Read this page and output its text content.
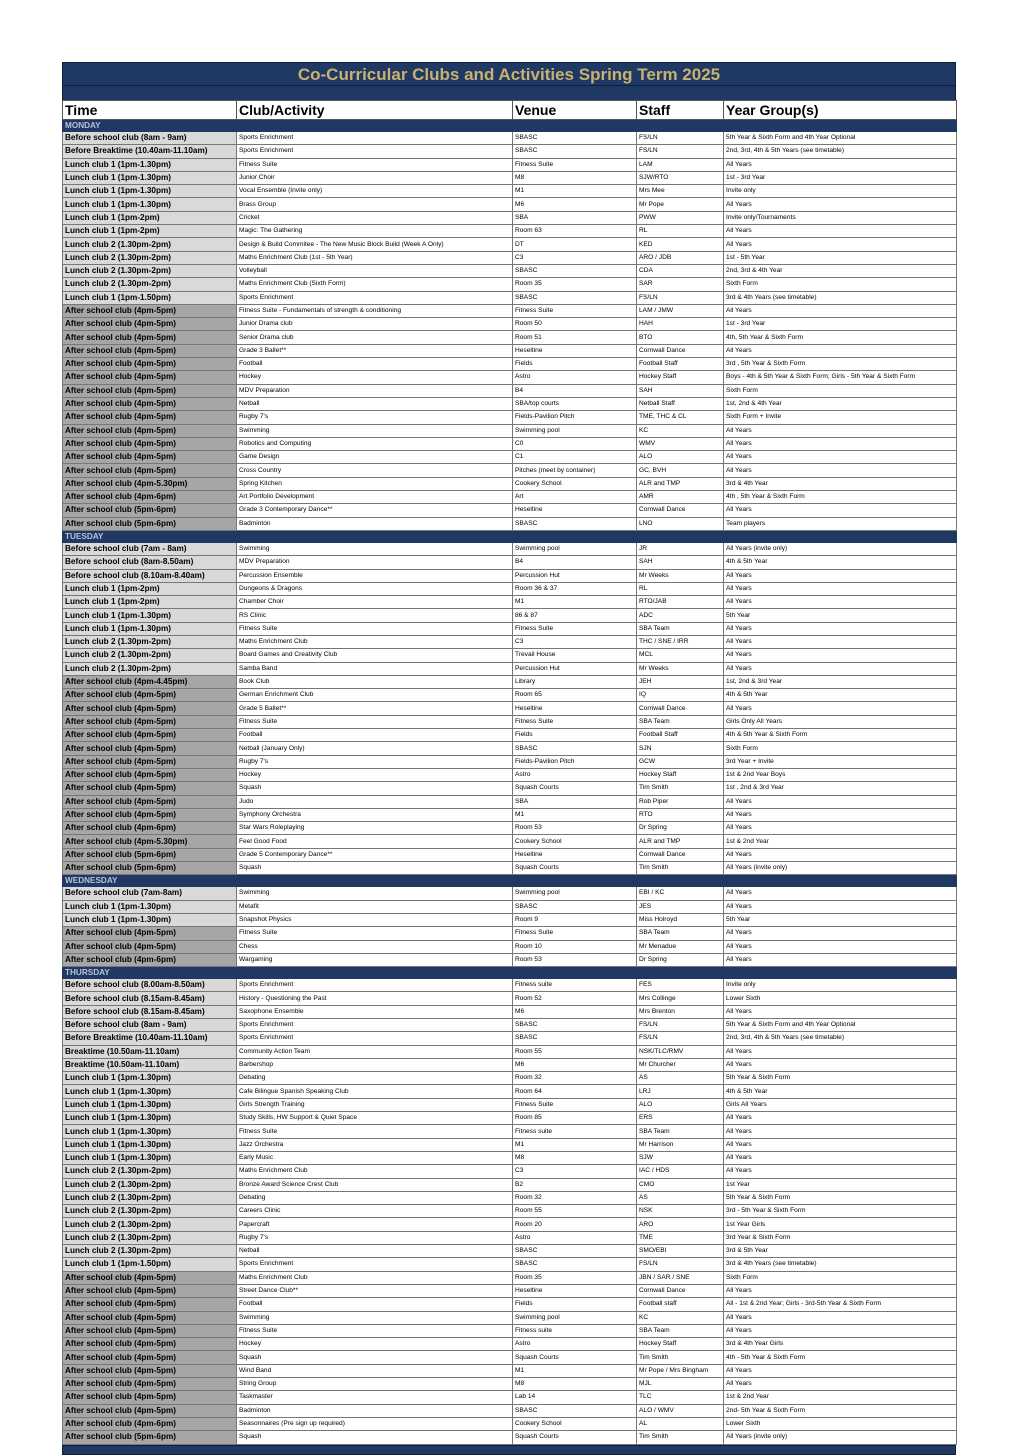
Co-Curricular Clubs and Activities Spring Term 2025
Time	Club/Activity	Venue	Staff	Year Group(s)
MONDAY				
Before school club (8am - 9am)	Sports Enrichment	SBASC	FS/LN	5th Year & Sixth Form and 4th Year Optional
Before Breaktime (10.40am-11.10am)	Sports Enrichment	SBASC	FS/LN	2nd, 3rd, 4th & 5th Years (see timetable)
Lunch club 1 (1pm-1.30pm)	Fitness Suite	Fitness Suite	LAM	All Years
Lunch club 1 (1pm-1.30pm)	Junior Choir	M8	SJW/RTO	1st - 3rd Year
Lunch club 1 (1pm-1.30pm)	Vocal Ensemble (Invite only)	M1	Mrs Mee	Invite only
Lunch club 1 (1pm-1.30pm)	Brass Group	M6	Mr Pope	All Years
Lunch club 1 (1pm-2pm)	Cricket	SBA	PWW	Invite only/Tournaments
Lunch club 1 (1pm-2pm)	Magic: The Gathering	Room 63	RL	All Years
Lunch club 2 (1.30pm-2pm)	Design & Build Commitee - The New Music Block Build (Week A Only)	DT	KED	All Years
Lunch club 2 (1.30pm-2pm)	Maths Enrichment Club (1st - 5th Year)	C3	ARO / JDB	1st - 5th Year
Lunch club 2 (1.30pm-2pm)	Volleyball	SBASC	CDA	2nd, 3rd & 4th Year
Lunch club 2 (1.30pm-2pm)	Maths Enrichment Club (Sixth Form)	Room 35	SAR	Sixth Form
Lunch club 1 (1pm-1.50pm)	Sports Enrichment	SBASC	FS/LN	3rd & 4th Years (see timetable)
After school club (4pm-5pm)	Fitness Suite - Fundamentals of strength & conditioning	Fitness Suite	LAM / JMW	All Years
After school club (4pm-5pm)	Junior Drama club	Room 50	HAH	1st - 3rd Year
After school club (4pm-5pm)	Senior Drama club	Room 51	BTO	4th, 5th Year & Sixth Form
After school club (4pm-5pm)	Grade 3 Ballet**	Heseltine	Cornwall Dance	All Years
After school club (4pm-5pm)	Football	Fields	Football Staff	3rd , 5th Year & Sixth Form
After school club (4pm-5pm)	Hockey	Astro	Hockey Staff	Boys - 4th & 5th Year & Sixth Form; Girls - 5th Year & Sixth Form
After school club (4pm-5pm)	MDV Preparation	B4	SAH	Sixth Form
After school club (4pm-5pm)	Netball	SBA/top courts	Netball Staff	1st, 2nd & 4th Year
After school club (4pm-5pm)	Rugby 7's	Fields-Pavilion Pitch	TME, THC & CL	Sixth Form + Invite
After school club (4pm-5pm)	Swimming	Swimming pool	KC	All Years
After school club (4pm-5pm)	Robotics and Computing	C0	WMV	All Years
After school club (4pm-5pm)	Game Design	C1	ALO	All Years
After school club (4pm-5pm)	Cross Country	Pitches (meet by container)	GC, BVH	All Years
After school club (4pm-5.30pm)	Spring Kitchen	Cookery School	ALR and TMP	3rd & 4th Year
After school club (4pm-6pm)	Art Portfolio Development	Art	AMR	4th , 5th Year & Sixth Form
After school club (5pm-6pm)	Grade 3 Contemporary Dance**	Heseltine	Cornwall Dance	All Years
After school club (5pm-6pm)	Badminton	SBASC	LNO	Team players
TUESDAY				
Before school club (7am - 8am)	Swimming	Swimming pool	JR	All Years (invite only)
Before school club (8am-8.50am)	MDV Preparation	B4	SAH	4th & 5th Year
Before school club (8.10am-8.40am)	Percussion Ensemble	Percussion Hut	Mr Weeks	All Years
Lunch club 1 (1pm-2pm)	Dungeons & Dragons	Room 36 & 37	RL	All Years
Lunch club 1 (1pm-2pm)	Chamber Choir	M1	RTO/JAB	All Years
Lunch club 1 (1pm-1.30pm)	RS Clinic	86 & 87	ADC	5th Year
Lunch club 1 (1pm-1.30pm)	Fitness Suite	Fitness Suite	SBA Team	All Years
Lunch club 2 (1.30pm-2pm)	Maths Enrichment Club	C3	THC / SNE / IRR	All Years
Lunch club 2 (1.30pm-2pm)	Board Games and Creativity Club	Trevail House	MCL	All Years
Lunch club 2 (1.30pm-2pm)	Samba Band	Percussion Hut	Mr Weeks	All Years
After school club (4pm-4.45pm)	Book Club	Library	JEH	1st, 2nd & 3rd Year
After school club (4pm-5pm)	German Enrichment Club	Room 65	IQ	4th & 5th Year
After school club (4pm-5pm)	Grade 5 Ballet**	Heseltine	Cornwall Dance	All Years
After school club (4pm-5pm)	Fitness Suite	Fitness Suite	SBA Team	Girls Only All Years
After school club (4pm-5pm)	Football	Fields	Football Staff	4th & 5th Year & Sixth Form
After school club (4pm-5pm)	Netball (January Only)	SBASC	SJN	Sixth Form
After school club (4pm-5pm)	Rugby 7's	Fields-Pavilion Pitch	GCW	3rd Year + Invite
After school club (4pm-5pm)	Hockey	Astro	Hockey Staff	1st & 2nd Year Boys
After school club (4pm-5pm)	Squash	Squash Courts	Tim Smith	1st , 2nd & 3rd Year
After school club (4pm-5pm)	Judo	SBA	Rob Piper	All Years
After school club (4pm-5pm)	Symphony Orchestra	M1	RTO	All Years
After school club (4pm-6pm)	Star Wars Roleplaying	Room 53	Dr Spring	All Years
After school club (4pm-5.30pm)	Feel Good Food	Cookery School	ALR and TMP	1st & 2nd Year
After school club (5pm-6pm)	Grade 5 Contemporary Dance**	Heseltine	Cornwall Dance	All Years
After school club (5pm-6pm)	Squash	Squash Courts	Tim Smith	All Years (invite only)
WEDNESDAY				
Before school club (7am-8am)	Swimming	Swimming pool	EBI / KC	All Years
Lunch club 1 (1pm-1.30pm)	Metafit	SBASC	JES	All Years
Lunch club 1 (1pm-1.30pm)	Snapshot Physics	Room 9	Miss Holroyd	5th Year
After school club (4pm-5pm)	Fitness Suite	Fitness Suite	SBA Team	All Years
After school club (4pm-5pm)	Chess	Room 10	Mr Menadue	All Years
After school club (4pm-6pm)	Wargaming	Room 53	Dr Spring	All Years
THURSDAY				
Before school club (8.00am-8.50am)	Sports Enrichment	Fitness suite	FES	Invite only
Before school club (8.15am-8.45am)	History - Questioning the Past	Room 52	Mrs Collinge	Lower Sixth
Before school club (8.15am-8.45am)	Saxophone Ensemble	M6	Mrs Brenton	All Years
Before school club (8am - 9am)	Sports Enrichment	SBASC	FS/LN	5th Year & Sixth Form and 4th Year Optional
Before Breaktime (10.40am-11.10am)	Sports Enrichment	SBASC	FS/LN	2nd, 3rd, 4th & 5th Years (see timetable)
Breaktime (10.50am-11.10am)	Community Action Team	Room 55	NSK/TLC/RMV	All Years
Breaktime (10.50am-11.10am)	Barbershop	M6	Mr Churcher	All Years
Lunch club 1 (1pm-1.30pm)	Debating	Room 32	AS	5th Year & Sixth Form
Lunch club 1 (1pm-1.30pm)	Cafe Bilingue Spanish Speaking Club	Room 64	LRJ	4th & 5th Year
Lunch club 1 (1pm-1.30pm)	Girls Strength Training	Fitness Suite	ALO	Girls All Years
Lunch club 1 (1pm-1.30pm)	Study Skills, HW Support & Quiet Space	Room 85	ERS	All Years
Lunch club 1 (1pm-1.30pm)	Fitness Suite	Fitness suite	SBA Team	All Years
Lunch club 1 (1pm-1.30pm)	Jazz Orchestra	M1	Mr Harrison	All Years
Lunch club 1 (1pm-1.30pm)	Early Music	M8	SJW	All Years
Lunch club 2 (1.30pm-2pm)	Maths Enrichment Club	C3	IAC / HDS	All Years
Lunch club 2 (1.30pm-2pm)	Bronze Award Science Crest Club	B2	CMO	1st Year
Lunch club 2 (1.30pm-2pm)	Debating	Room 32	AS	5th Year & Sixth Form
Lunch club 2 (1.30pm-2pm)	Careers Clinic	Room 55	NSK	3rd - 5th Year & Sixth Form
Lunch club 2 (1.30pm-2pm)	Papercraft	Room 20	ARO	1st Year Girls
Lunch club 2 (1.30pm-2pm)	Rugby 7's	Astro	TME	3rd Year & Sixth Form
Lunch club 2 (1.30pm-2pm)	Netball	SBASC	SMO/EBI	3rd & 5th Year
Lunch club 1 (1pm-1.50pm)	Sports Enrichment	SBASC	FS/LN	3rd & 4th Years (see timetable)
After school club (4pm-5pm)	Maths Enrichment Club	Room 35	JBN / SAR / SNE	Sixth Form
After school club (4pm-5pm)	Street Dance Club**	Heseltine	Cornwall Dance	All Years
After school club (4pm-5pm)	Football	Fields	Football staff	All - 1st & 2nd Year; Girls - 3rd-5th Year & Sixth Form
After school club (4pm-5pm)	Swimming	Swimming pool	KC	All Years
After school club (4pm-5pm)	Fitness Suite	Fitness suite	SBA Team	All Years
After school club (4pm-5pm)	Hockey	Astro	Hockey Staff	3rd & 4th Year Girls
After school club (4pm-5pm)	Squash	Squash Courts	Tim Smith	4th - 5th Year & Sixth Form
After school club (4pm-5pm)	Wind Band	M1	Mr Pope / Mrs Bingham	All Years
After school club (4pm-5pm)	String Group	M8	MJL	All Years
After school club (4pm-5pm)	Taskmaster	Lab 14	TLC	1st & 2nd Year
After school club (4pm-5pm)	Badminton	SBASC	ALO / WMV	2nd- 5th Year & Sixth Form
After school club (4pm-6pm)	Seasonnaires (Pre sign up required)	Cookery School	AL	Lower Sixth
After school club (5pm-6pm)	Squash	Squash Courts	Tim Smith	All Years (invite only)
